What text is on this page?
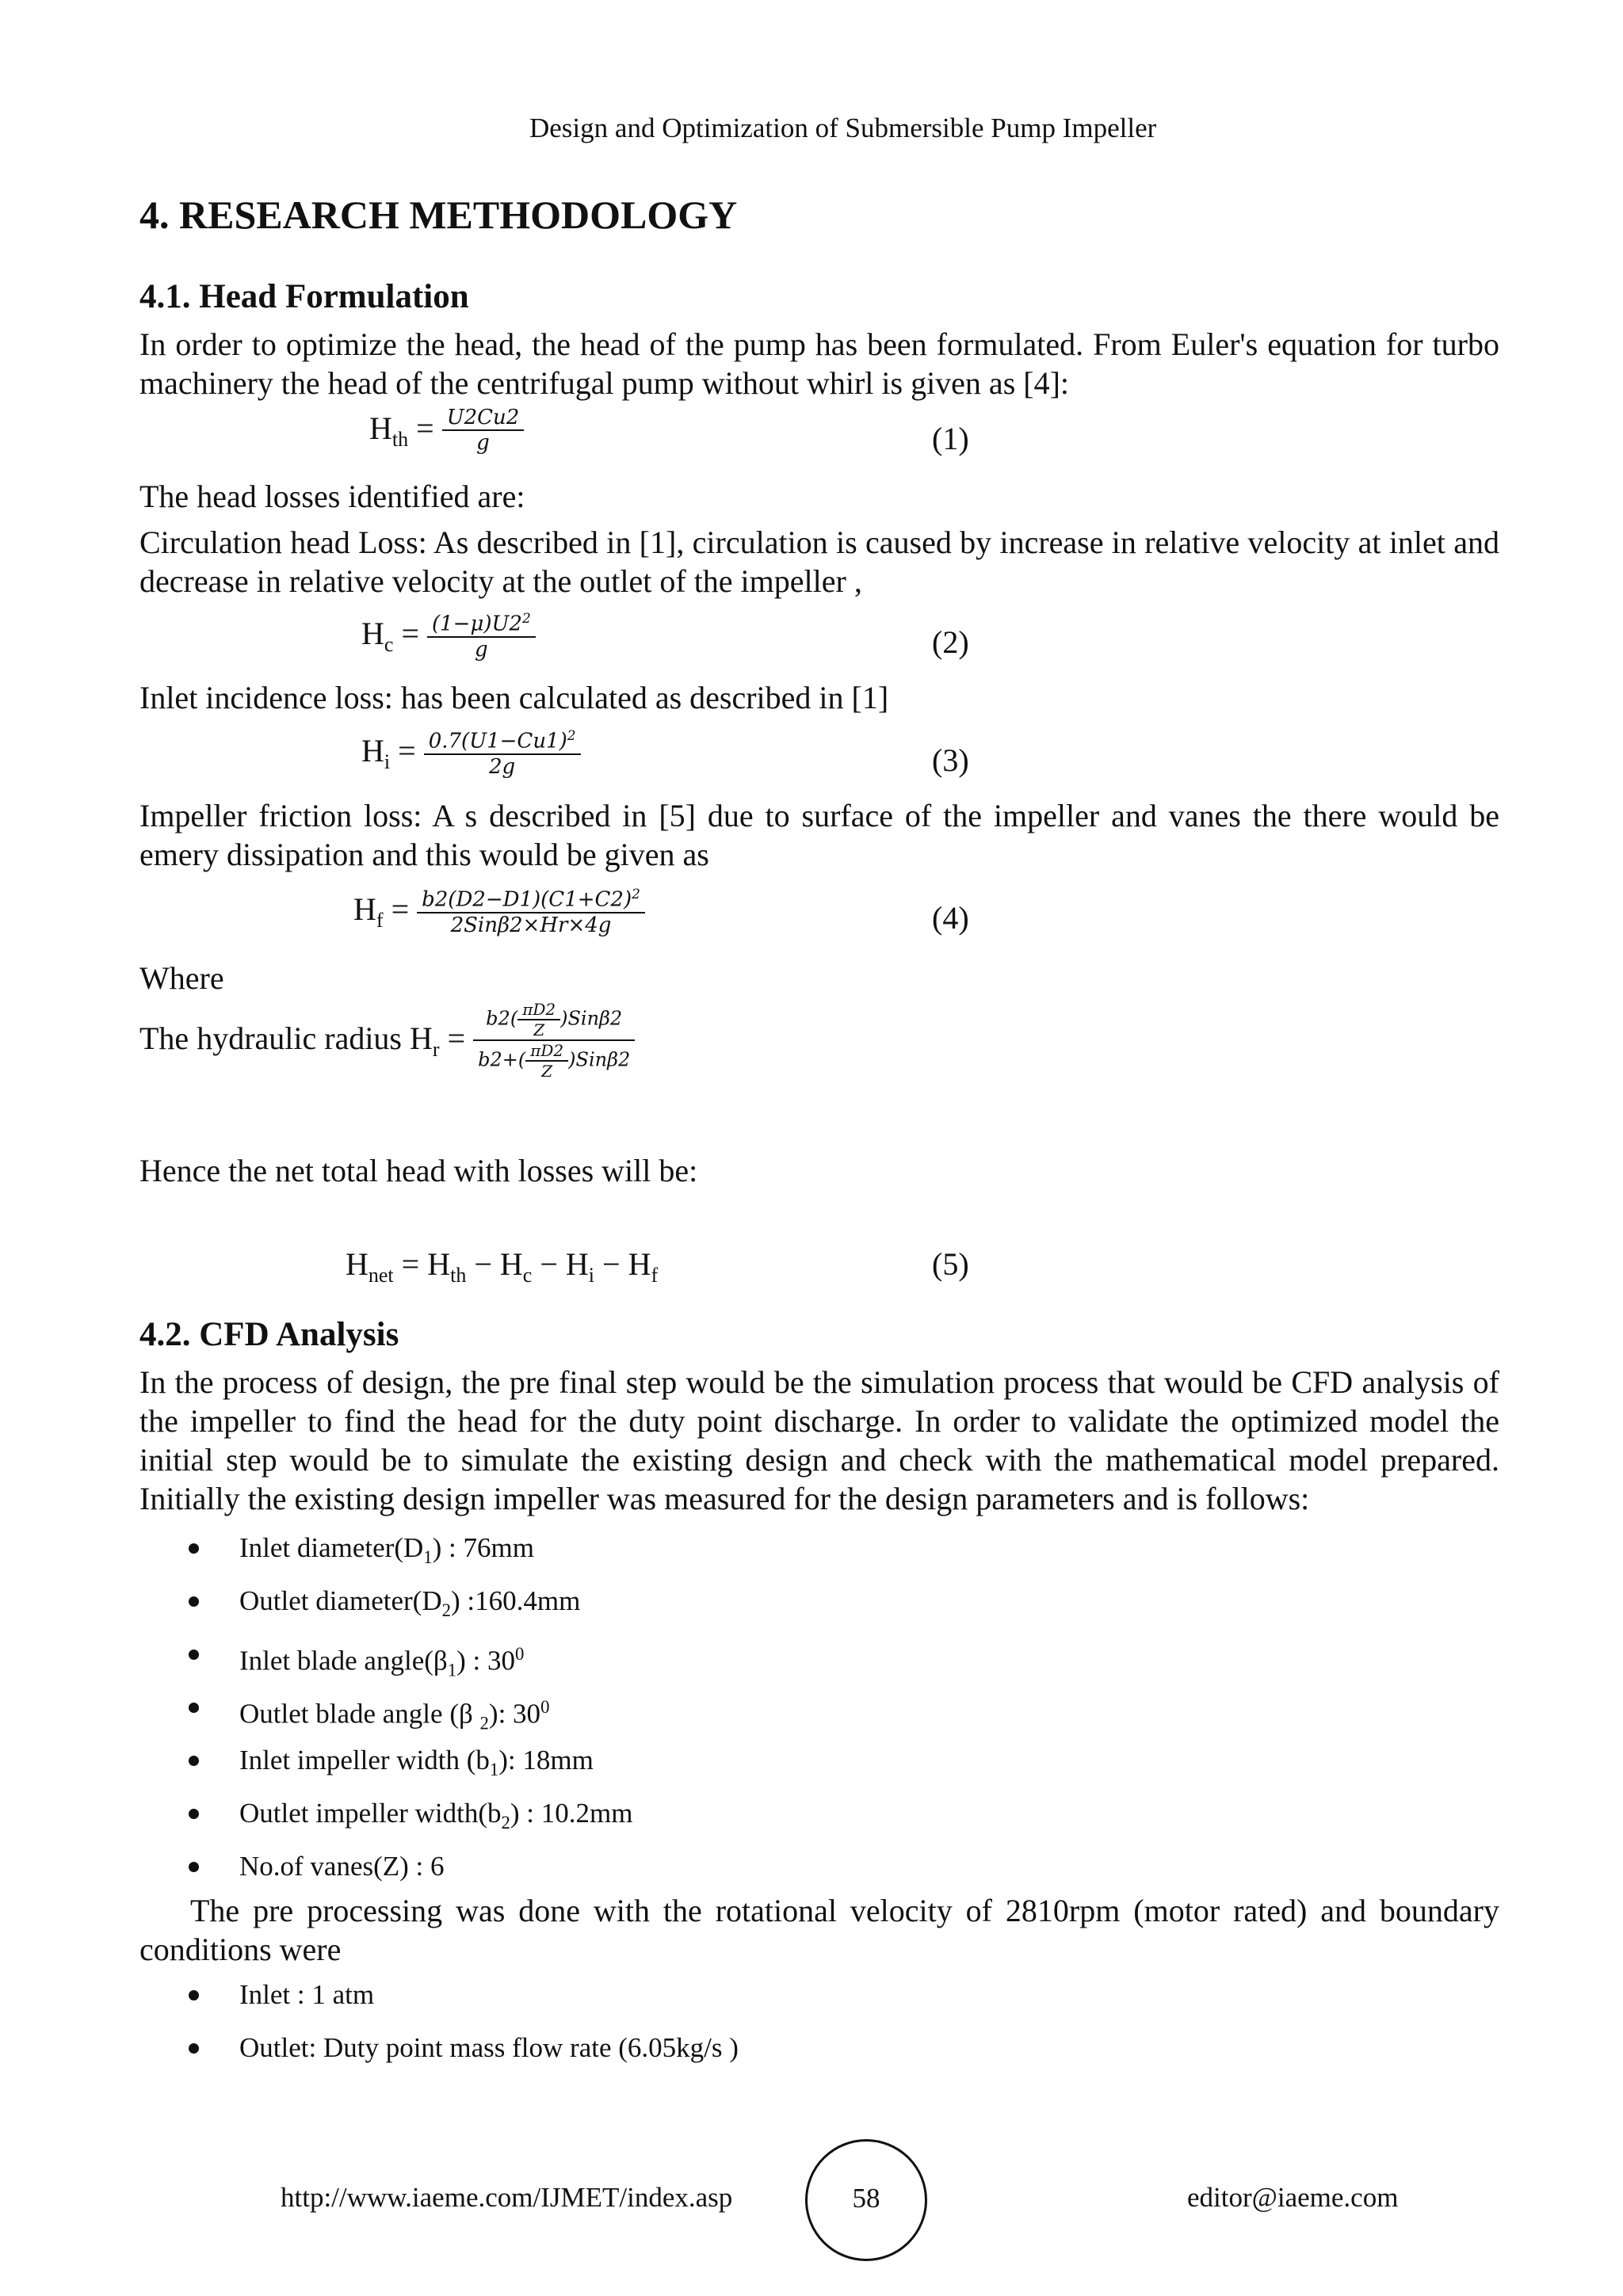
Design and Optimization of Submersible Pump Impeller
4. RESEARCH METHODOLOGY
4.1. Head Formulation

In order to optimize the head, the head of the pump has been formulated. From Euler's equation for turbo machinery the head of the centrifugal pump without whirl is given as [4]:

$H_{th} = \frac{U2Cu2}{g}$	(1)

The head losses identified are:

Circulation head Loss: As described in [1], circulation is caused by increase in relative velocity at inlet and decrease in relative velocity at the outlet of the impeller ,

$H_c = \frac{(1-\mu)U2^2}{g}$	(2)

Inlet incidence loss: has been calculated as described in [1]

$H_i = \frac{0.7(U1-Cu1)^2}{2g}$	(3)

Impeller friction loss: A s described in [5] due to surface of the impeller and vanes the there would be emery dissipation and this would be given as

$H_f = \frac{b2(D2-D1)(C1+C2)^2}{\text{2Sinβ2×Hr×4g}}$	(4)

Where

The hydraulic radius $H_r = \frac{b2( \frac{\pi D2}{Z} )Sin\beta 2}{b2+( \frac{\pi D2}{Z} )Sin\beta 2}$

Hence the net total head with losses will be:

$H_{net} = H_{th} - H_c - H_i - H_f$	(5)
4.2. CFD Analysis

In the process of design, the pre final step would be the simulation process that would be CFD analysis of the impeller to find the head for the duty point discharge. In order to validate the optimized model the initial step would be to simulate the existing design and check with the mathematical model prepared. Initially the existing design impeller was measured for the design parameters and is follows:

Inlet $diameter(D_1)$ : 76mm
Outlet $diameter(D_2)$ :160.4mm
Inlet blade $angle(\beta_1)$ : $30^0$
Outlet blade angle (β $_2$): $30^0$
Inlet impeller width $(b_1)$: 18mm
Outlet impeller $width(b_2)$ : 10.2mm
No.of vanes(Z) : 6

The pre processing was done with the rotational velocity of 2810rpm (motor rated) and boundary conditions were

Inlet : 1 atm
Outlet: Duty point mass flow rate (6.05kg/s )
http://www.iaeme.com/IJMET/index.asp	58	editor@iaeme.com
